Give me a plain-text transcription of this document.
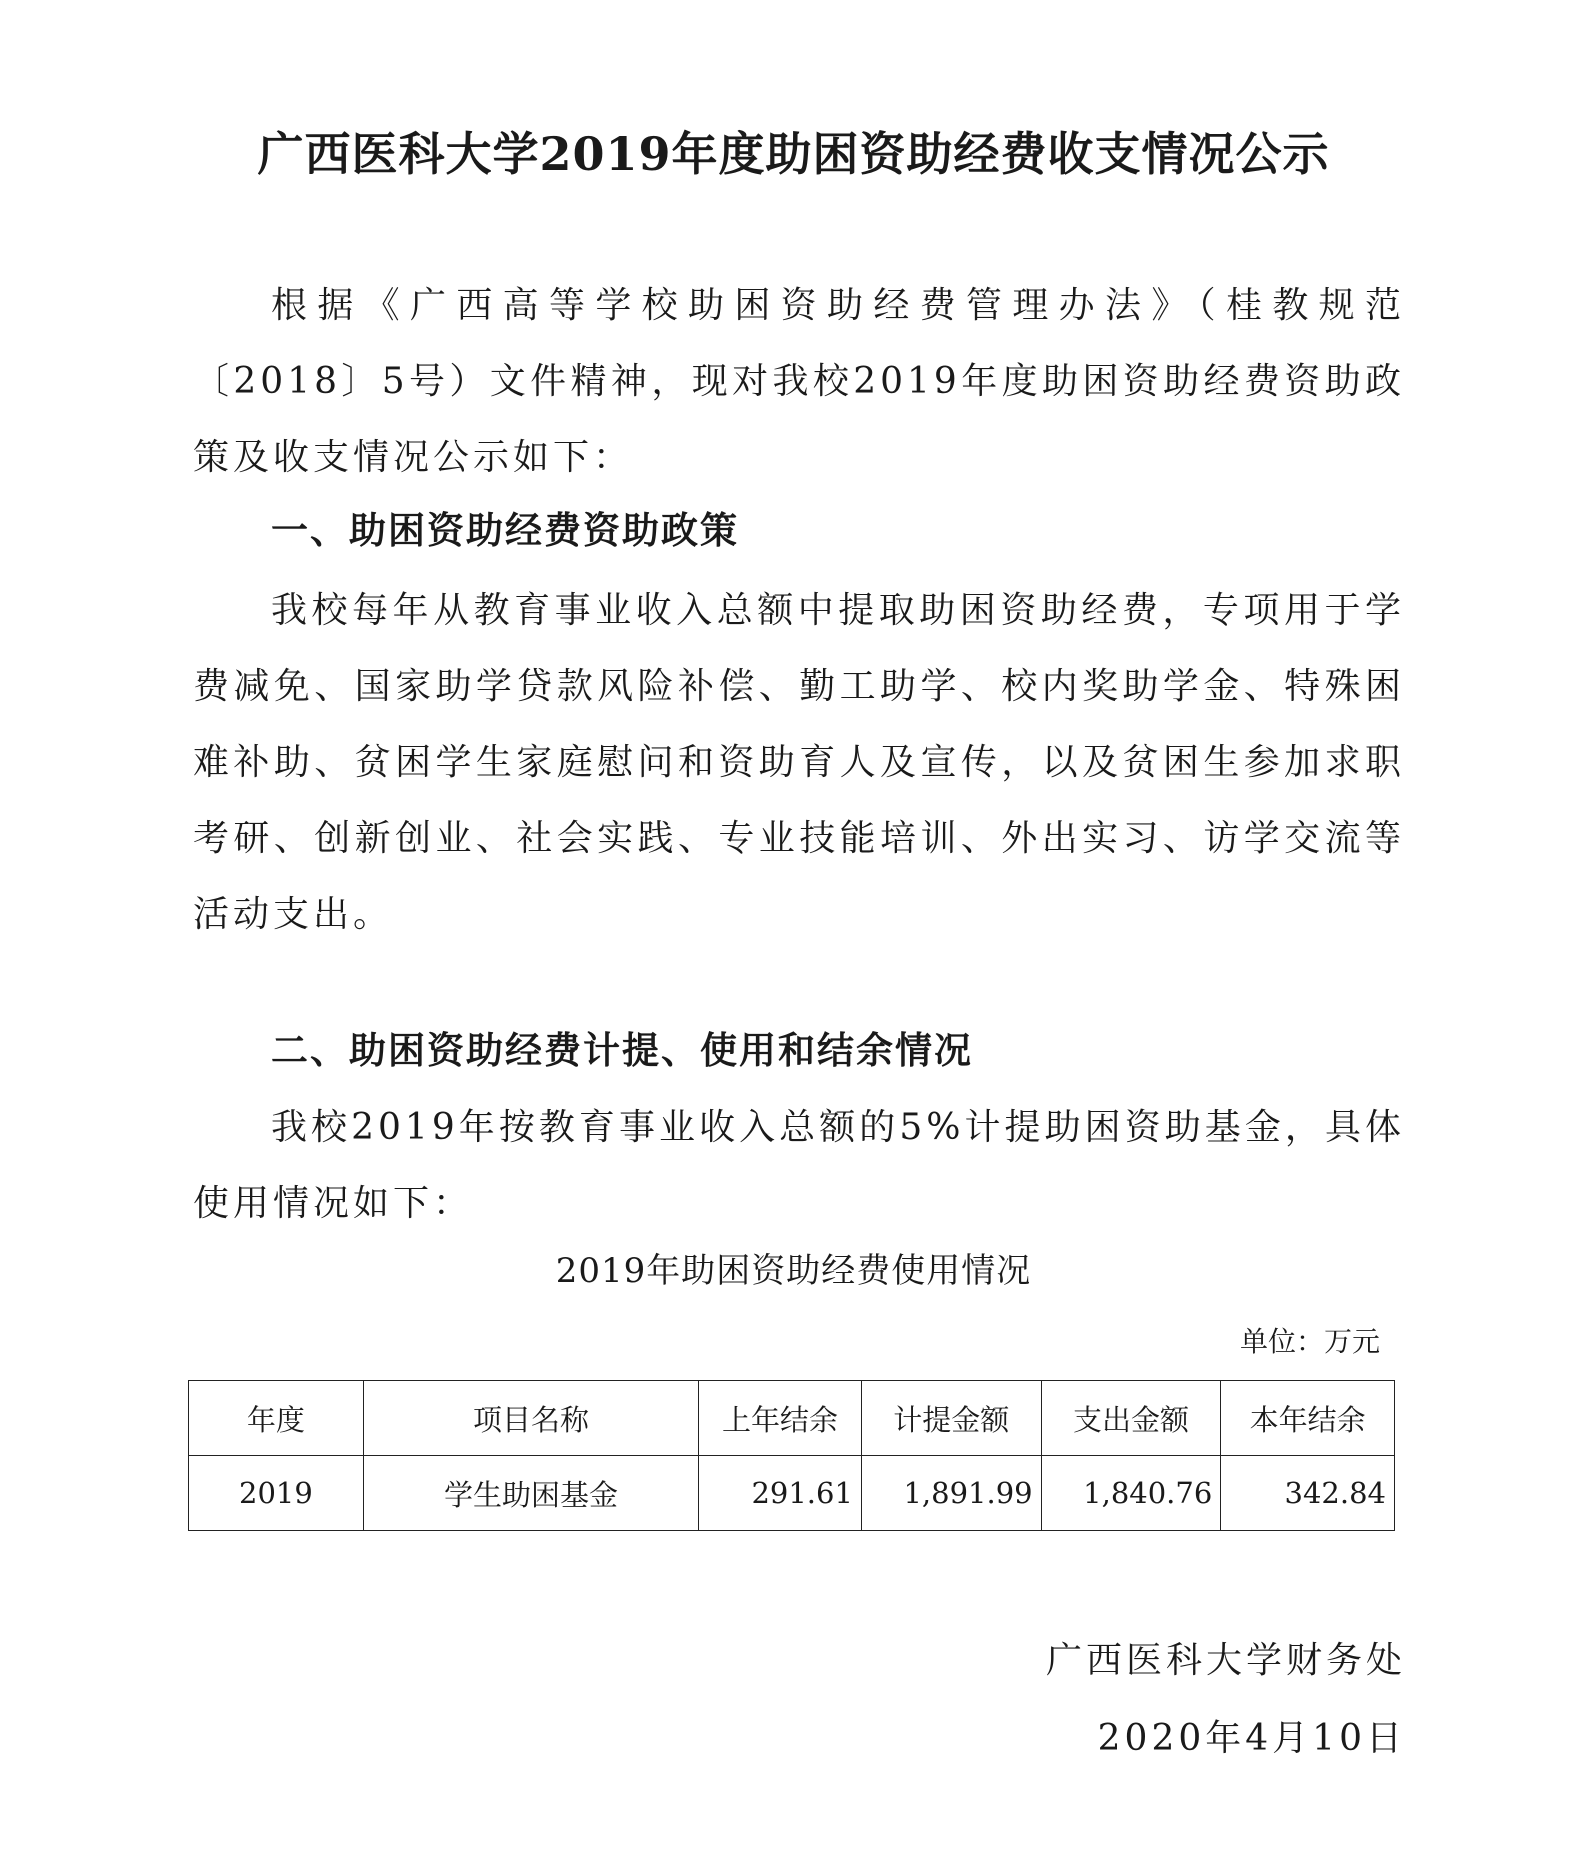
广西医科大学2019年度助困资助经费收支情况公示

根据《广西高等学校助困资助经费管理办法》（桂教规范〔2018〕5号）文件精神，现对我校2019年度助困资助经费资助政策及收支情况公示如下：

一、助困资助经费资助政策

我校每年从教育事业收入总额中提取助困资助经费，专项用于学费减免、国家助学贷款风险补偿、勤工助学、校内奖助学金、特殊困难补助、贫困学生家庭慰问和资助育人及宣传，以及贫困生参加求职考研、创新创业、社会实践、专业技能培训、外出实习、访学交流等活动支出。

二、助困资助经费计提、使用和结余情况

我校2019年按教育事业收入总额的5%计提助困资助基金，具体使用情况如下：

2019年助困资助经费使用情况

单位：万元

年度	项目名称	上年结余	计提金额	支出金额	本年结余
2019	学生助困基金	291.61	1,891.99	1,840.76	342.84

广西医科大学财务处

2020年4月10日
